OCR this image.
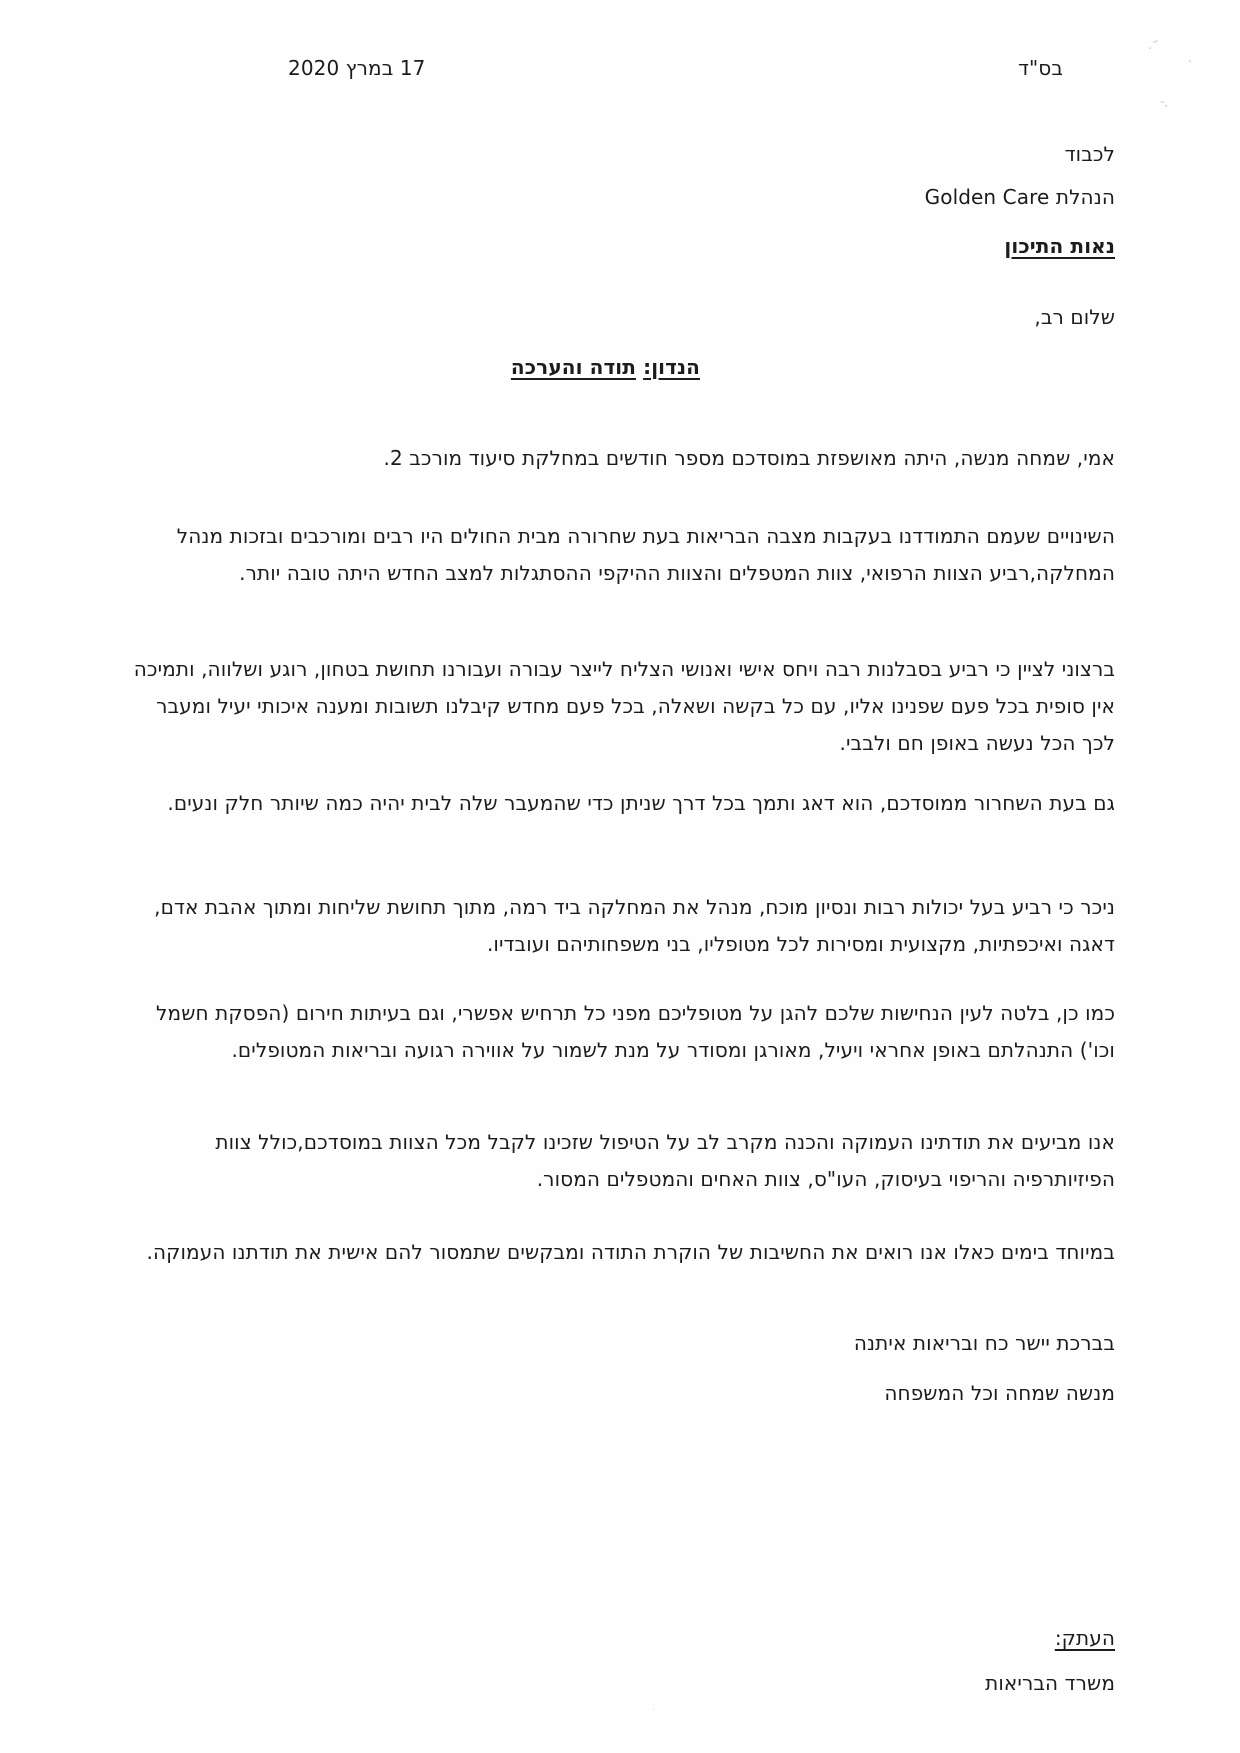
˜·
·
.-
·
בס"ד
17 במרץ 2020
לכבוד
הנהלת Golden Care
נאות התיכון
שלום רב,
הנדון: תודה והערכה

אמי, שמחה מנשה, היתה מאושפזת במוסדכם מספר חודשים במחלקת סיעוד מורכב 2.

השינויים שעמם התמודדנו בעקבות מצבה הבריאות בעת שחרורה מבית החולים היו רבים ומורכבים ובזכות מנהל המחלקה,רביע הצוות הרפואי, צוות המטפלים והצוות ההיקפי ההסתגלות למצב החדש היתה טובה יותר.

ברצוני לציין כי רביע בסבלנות רבה ויחס אישי ואנושי הצליח לייצר עבורה ועבורנו תחושת בטחון, רוגע ושלווה, ותמיכה אין סופית בכל פעם שפנינו אליו, עם כל בקשה ושאלה, בכל פעם מחדש קיבלנו תשובות ומענה איכותי יעיל ומעבר לכך הכל נעשה באופן חם ולבבי.

גם בעת השחרור ממוסדכם, הוא דאג ותמך בכל דרך שניתן כדי שהמעבר שלה לבית יהיה כמה שיותר חלק ונעים.

ניכר כי רביע בעל יכולות רבות ונסיון מוכח, מנהל את המחלקה ביד רמה, מתוך תחושת שליחות ומתוך אהבת אדם, דאגה ואיכפתיות, מקצועית ומסירות לכל מטופליו, בני משפחותיהם ועובדיו.

כמו כן, בלטה לעין הנחישות שלכם להגן על מטופליכם מפני כל תרחיש אפשרי, וגם בעיתות חירום (הפסקת חשמל וכו') התנהלתם באופן אחראי ויעיל, מאורגן ומסודר על מנת לשמור על אווירה רגועה ובריאות המטופלים.

אנו מביעים את תודתינו העמוקה והכנה מקרב לב על הטיפול שזכינו לקבל מכל הצוות במוסדכם,כולל צוות הפיזיותרפיה והריפוי בעיסוק, העו"ס, צוות האחים והמטפלים המסור.

במיוחד בימים כאלו אנו רואים את החשיבות של הוקרת התודה ומבקשים שתמסור להם אישית את תודתנו העמוקה.

בברכת יישר כח ובריאות איתנה
מנשה שמחה וכל המשפחה
העתק:
משרד הבריאות
